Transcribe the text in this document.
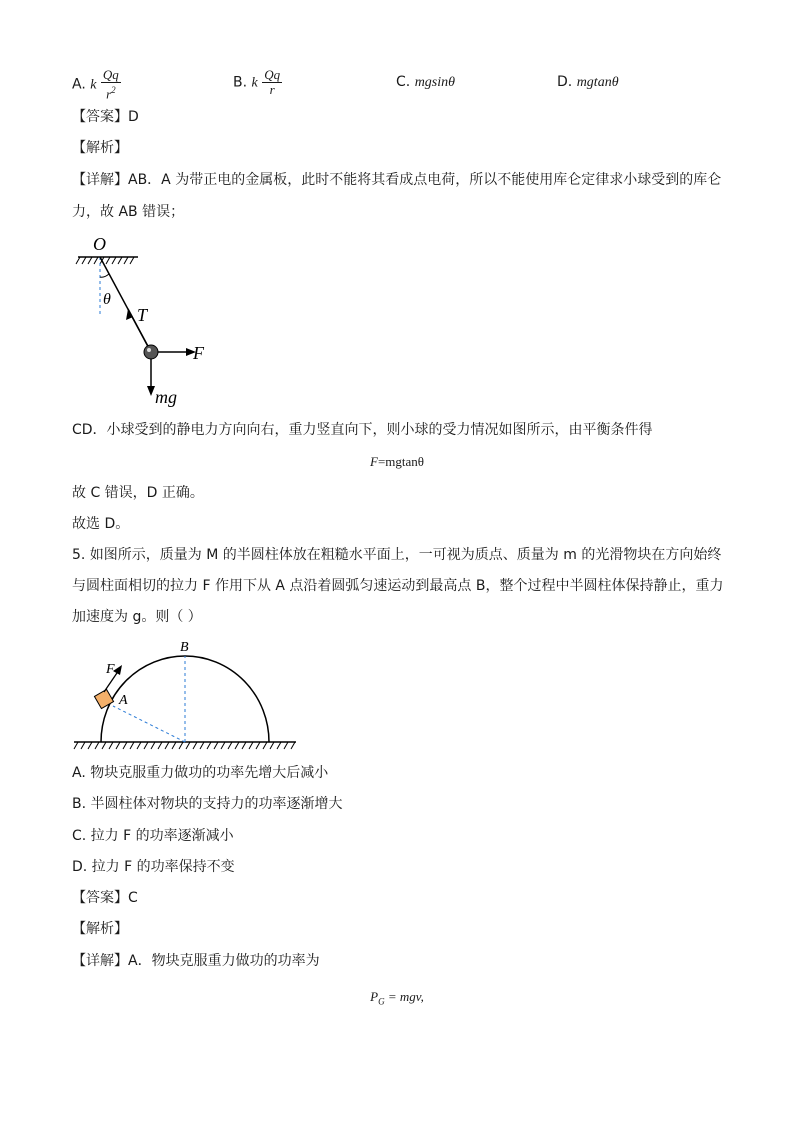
A. k $\frac{Qq}{r^2}$	B. k $\frac{Qq}{r}$	C. mgsinθ	D. mgtanθ
【答案】D
【解析】
【详解】AB．A 为带正电的金属板，此时不能将其看成点电荷，所以不能使用库仑定律求小球受到的库仑
力，故 AB 错误；
O
θ
T
F
mg
CD．小球受到的静电力方向向右，重力竖直向下，则小球的受力情况如图所示，由平衡条件得
F=mgtanθ
故 C 错误，D 正确。
故选 D。
5. 如图所示，质量为 M 的半圆柱体放在粗糙水平面上，一可视为质点、质量为 m 的光滑物块在方向始终
与圆柱面相切的拉力 F 作用下从 A 点沿着圆弧匀速运动到最高点 B，整个过程中半圆柱体保持静止，重力
加速度为 g。则（ ）
B
F
A
A. 物块克服重力做功的功率先增大后减小
B. 半圆柱体对物块的支持力的功率逐渐增大
C. 拉力 F 的功率逐渐减小
D. 拉力 F 的功率保持不变
【答案】C
【解析】
【详解】A．物块克服重力做功的功率为
$P_G$ = mgv,
